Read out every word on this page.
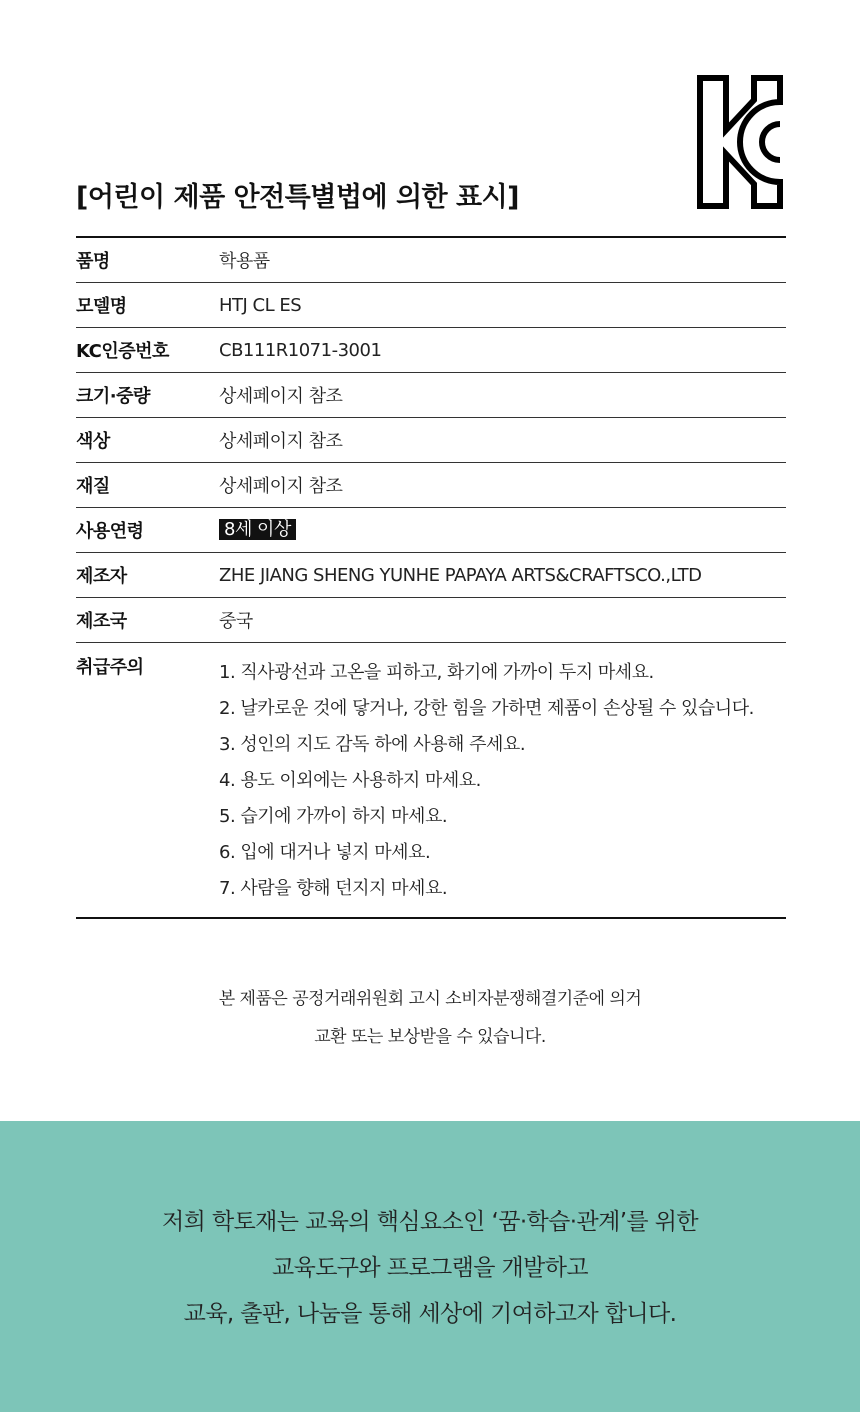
[어린이 제품 안전특별법에 의한 표시]
품명	학용품
모델명	HTJ CL ES
KC인증번호	CB111R1071-3001
크기·중량	상세페이지 참조
색상	상세페이지 참조
재질	상세페이지 참조
사용연령	8세 이상
제조자	ZHE JIANG SHENG YUNHE PAPAYA ARTS&CRAFTSCO.,LTD
제조국	중국
취급주의	1. 직사광선과 고온을 피하고, 화기에 가까이 두지 마세요.
2. 날카로운 것에 닿거나, 강한 힘을 가하면 제품이 손상될 수 있습니다.
3. 성인의 지도 감독 하에 사용해 주세요.
4. 용도 이외에는 사용하지 마세요.
5. 습기에 가까이 하지 마세요.
6. 입에 대거나 넣지 마세요.
7. 사람을 향해 던지지 마세요.

본 제품은 공정거래위원회 고시 소비자분쟁해결기준에 의거

교환 또는 보상받을 수 있습니다.

저희 학토재는 교육의 핵심요소인 ‘꿈·학습·관계’를 위한

교육도구와 프로그램을 개발하고

교육, 출판, 나눔을 통해 세상에 기여하고자 합니다.
